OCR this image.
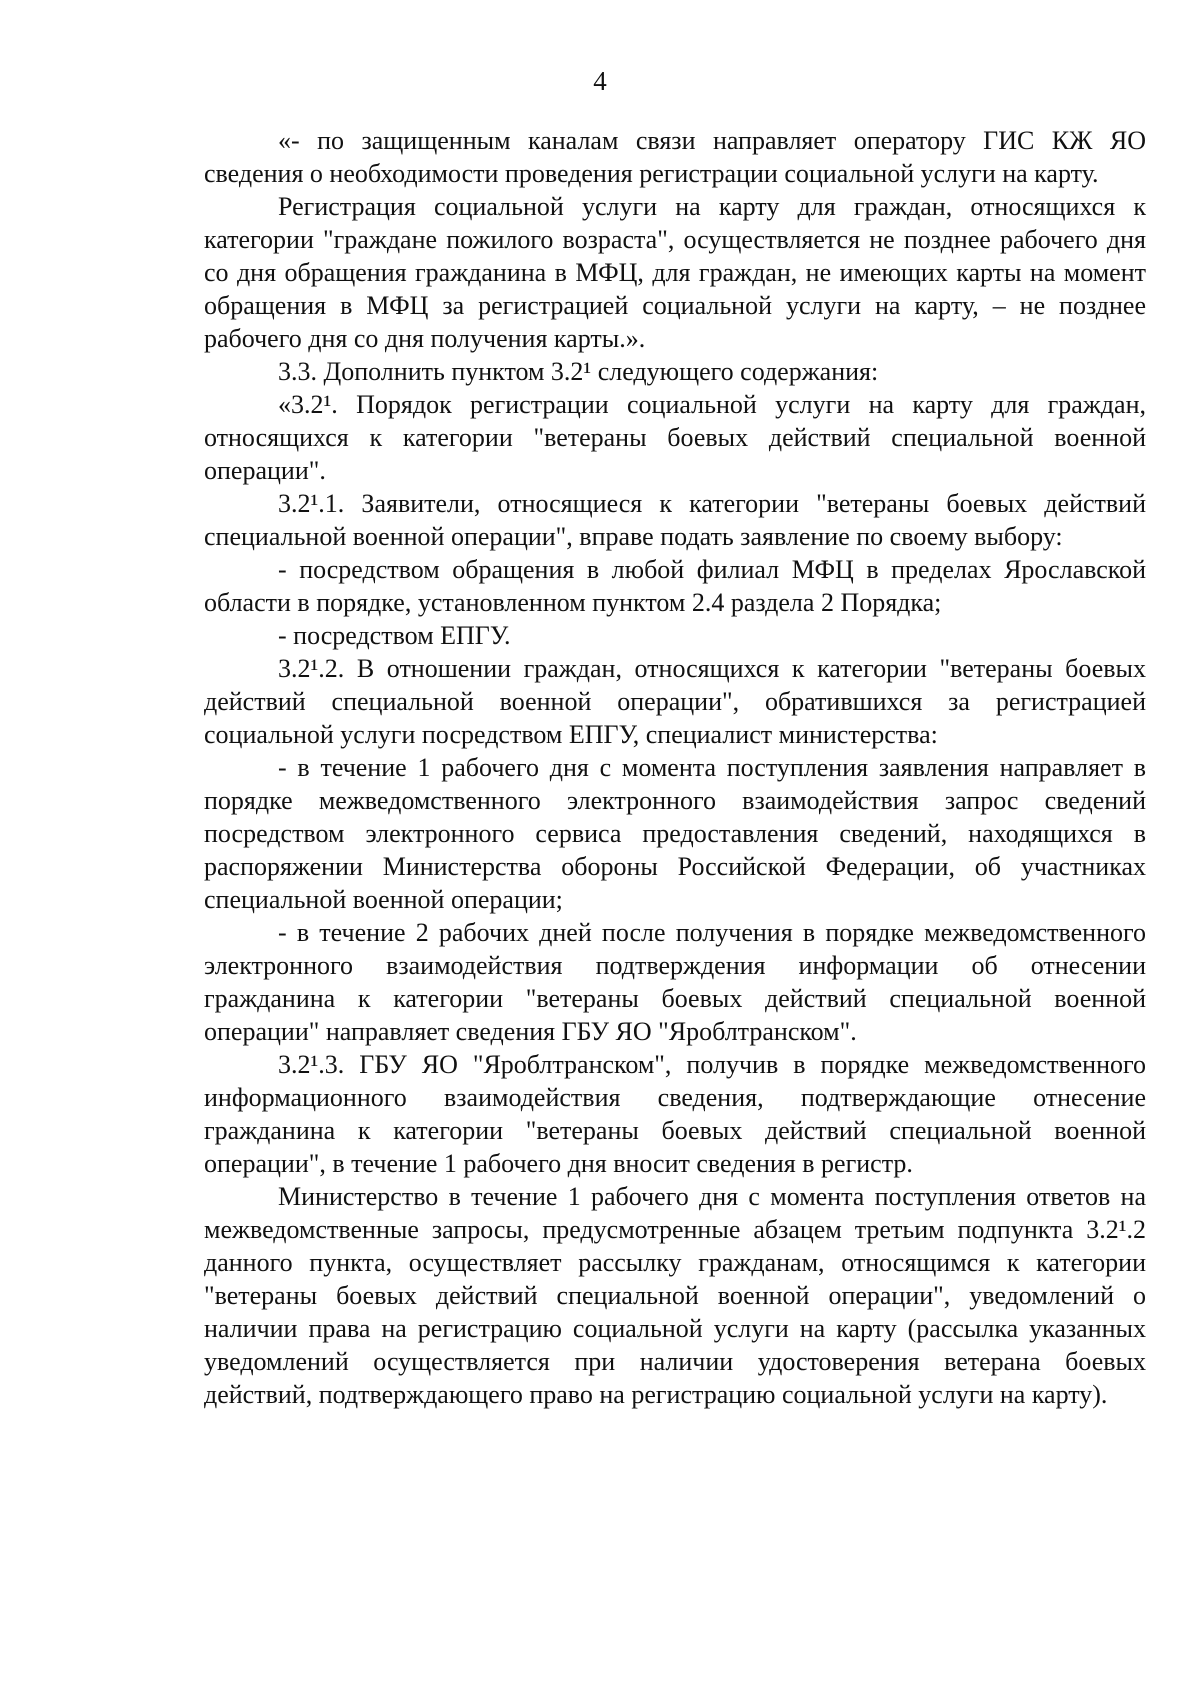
4

«- по защищенным каналам связи направляет оператору ГИС КЖ ЯО сведения о необходимости проведения регистрации социальной услуги на карту.

Регистрация социальной услуги на карту для граждан, относящихся к категории "граждане пожилого возраста", осуществляется не позднее рабочего дня со дня обращения гражданина в МФЦ, для граждан, не имеющих карты на момент обращения в МФЦ за регистрацией социальной услуги на карту, – не позднее рабочего дня со дня получения карты.».

3.3. Дополнить пунктом 3.2¹ следующего содержания:

«3.2¹. Порядок регистрации социальной услуги на карту для граждан, относящихся к категории "ветераны боевых действий специальной военной операции".

3.2¹.1. Заявители, относящиеся к категории "ветераны боевых действий специальной военной операции", вправе подать заявление по своему выбору:

- посредством обращения в любой филиал МФЦ в пределах Ярославской области в порядке, установленном пунктом 2.4 раздела 2 Порядка;

- посредством ЕПГУ.

3.2¹.2. В отношении граждан, относящихся к категории "ветераны боевых действий специальной военной операции", обратившихся за регистрацией социальной услуги посредством ЕПГУ, специалист министерства:

- в течение 1 рабочего дня с момента поступления заявления направляет в порядке межведомственного электронного взаимодействия запрос сведений посредством электронного сервиса предоставления сведений, находящихся в распоряжении Министерства обороны Российской Федерации, об участниках специальной военной операции;

- в течение 2 рабочих дней после получения в порядке межведомственного электронного взаимодействия подтверждения информации об отнесении гражданина к категории "ветераны боевых действий специальной военной операции" направляет сведения ГБУ ЯО "Яроблтранском".

3.2¹.3. ГБУ ЯО "Яроблтранском", получив в порядке межведомственного информационного взаимодействия сведения, подтверждающие отнесение гражданина к категории "ветераны боевых действий специальной военной операции", в течение 1 рабочего дня вносит сведения в регистр.

Министерство в течение 1 рабочего дня с момента поступления ответов на межведомственные запросы, предусмотренные абзацем третьим подпункта 3.2¹.2 данного пункта, осуществляет рассылку гражданам, относящимся к категории "ветераны боевых действий специальной военной операции", уведомлений о наличии права на регистрацию социальной услуги на карту (рассылка указанных уведомлений осуществляется при наличии удостоверения ветерана боевых действий, подтверждающего право на регистрацию социальной услуги на карту).
